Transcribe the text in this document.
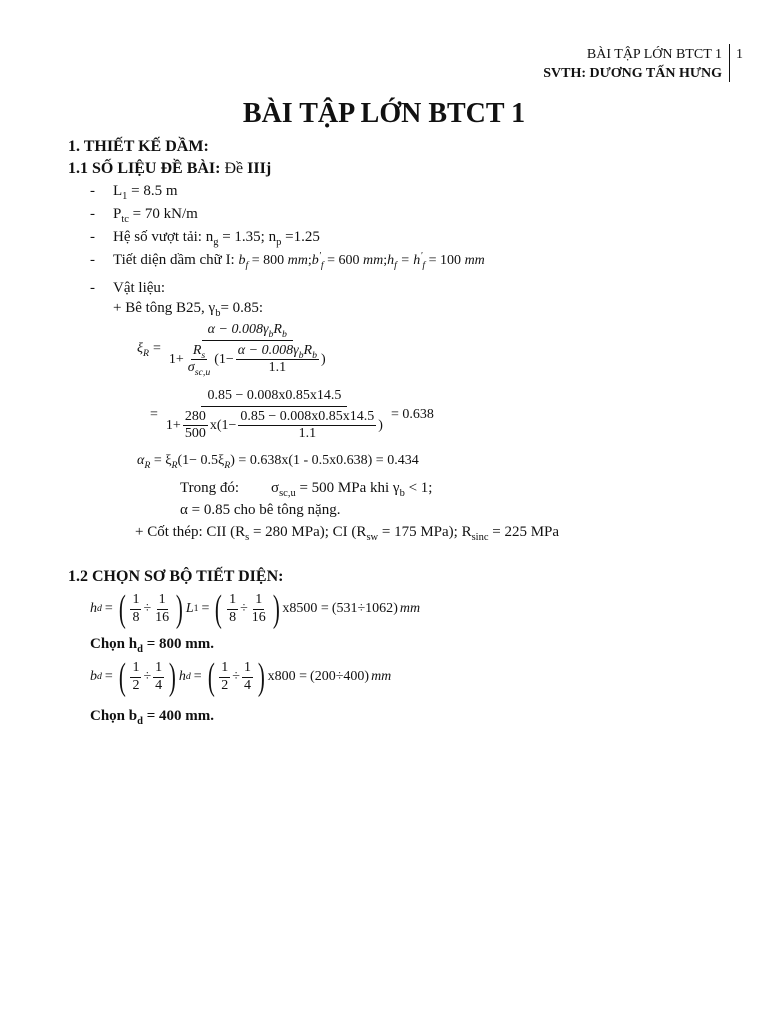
BÀI TẬP LỚN BTCT 1 1
SVTH: DƯƠNG TẤN HƯNG
BÀI TẬP LỚN BTCT 1
1. THIẾT KẾ DẦM:
1.1 SỐ LIỆU ĐỀ BÀI: Đề IIIj
- $L_1 = 8.5$ m
- $P_{tc} = 70$ kN/m
- Hệ số vượt tải: $n_g = 1.35$; $n_p =1.25$
- Tiết diện dầm chữ I: $b_f = 800$ $mm;b'_f = 600$ $mm;h_f = h'_f = 100$ mm
- Vật liệu:
+ Bê tông B25, $\gamma_b= 0.85$:
$\xi_R$ =
$\alpha - 0.008\gamma_bR_b$
$1+ \frac{R_s}{\sigma_{sc,u}} (1- \frac{\alpha - 0.008\gamma_bR_b}{1.1}$ )
=
0.85 − 0.008x0.85x14.5
$1+ \frac{280}{500} x(1- \frac{0.85 - 0.008x0.85x14.5}{1.1}$ )
= 0.638
$\alpha_R = \xi_R(1- 0.5\xi_R) = 0.638x(1 - 0.5x0.638) = 0.434$
Trong đó: $\sigma_{sc,u} = 500$ MPa khi $\gamma_b < 1$;
α = 0.85 cho bê tông nặng.
+ Cốt thép: CII ($R_s = 280$ MPa); CI ($R_{sw} = 175$ MPa); $R_{sinc} = 225$ MPa
1.2 CHỌN SƠ BỘ TIẾT DIỆN:
h d = ( $\frac{1}{8} \div \frac{1}{16}$ ) L 1 = ( $\frac{1}{8} \div \frac{1}{16}$ ) x8500 = ( 531÷1062 ) mm
Chọn $h_d = 800$ mm.
b d = ( $\frac{1}{2} \div \frac{1}{4}$ ) h d = ( $\frac{1}{2} \div \frac{1}{4}$ ) x800 = ( 200÷400 ) mm
Chọn $b_d = 400$ mm.
